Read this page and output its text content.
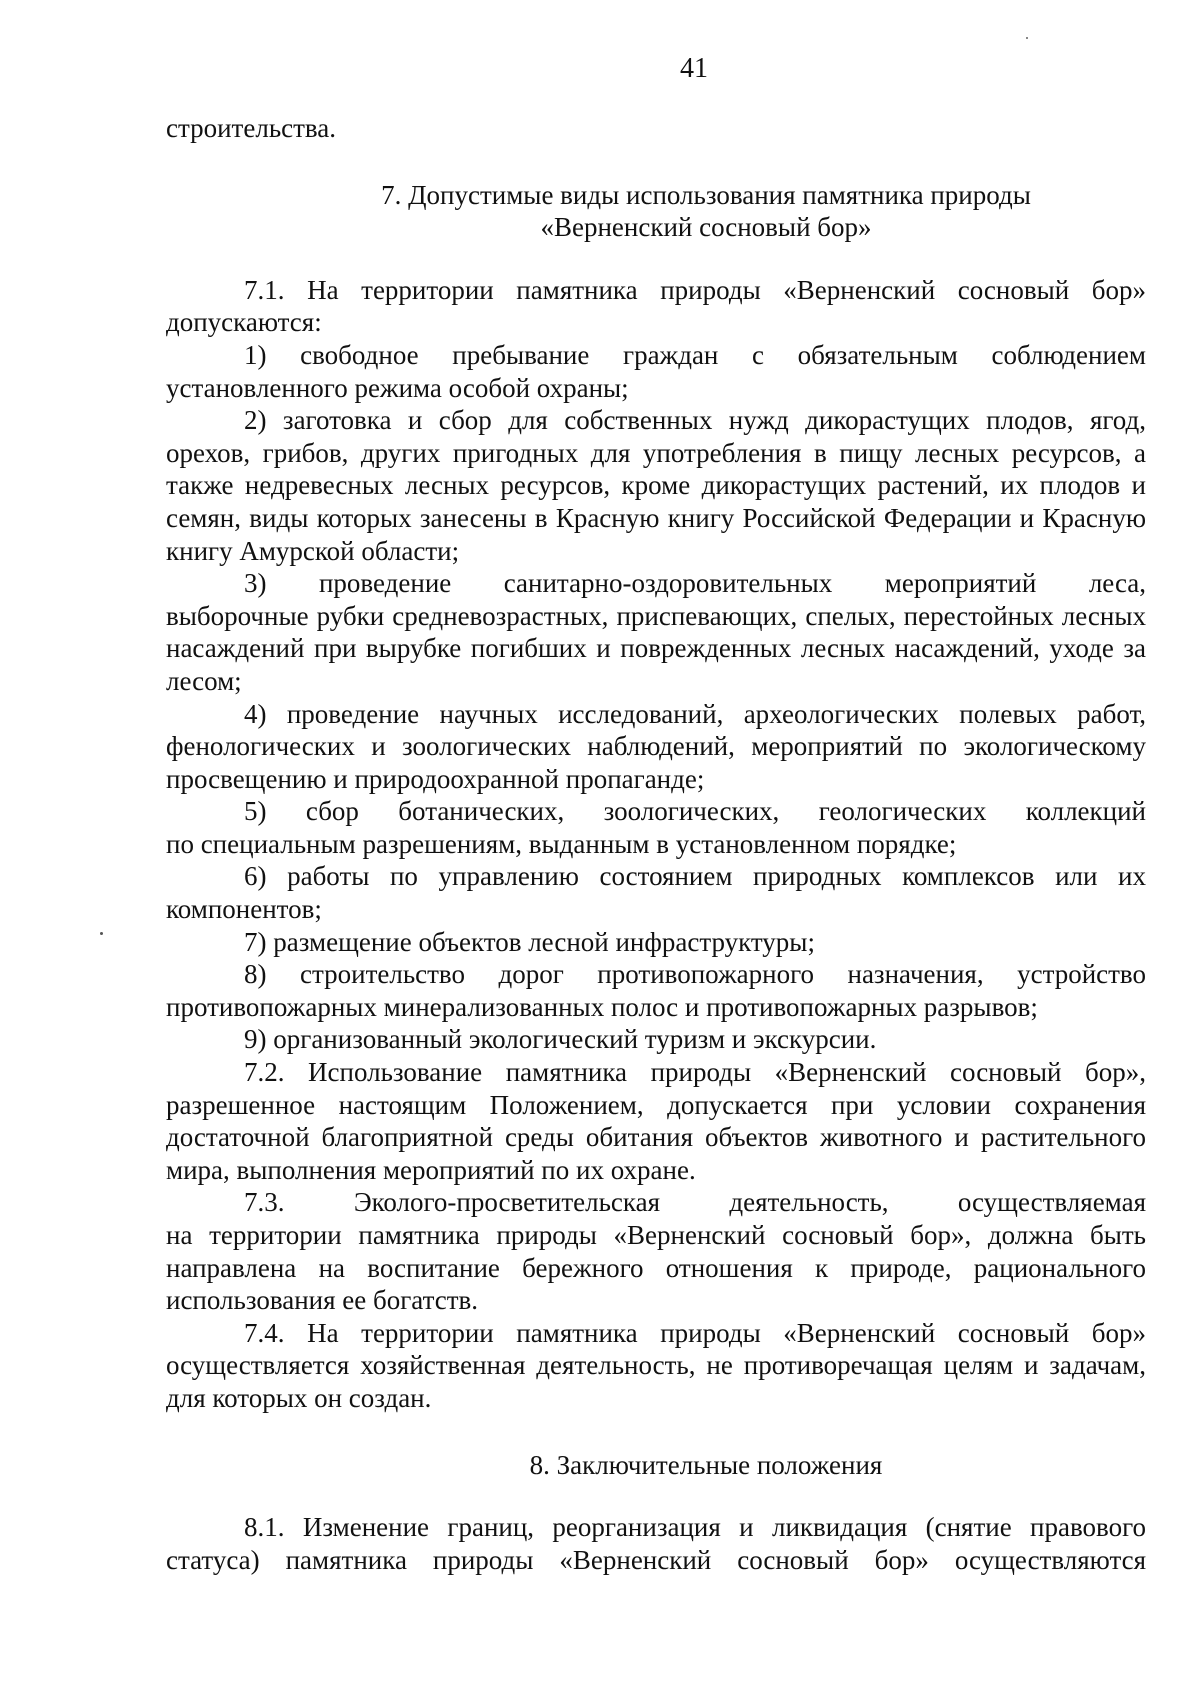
41

строительства.

7. Допустимые виды использования памятника природы
«Верненский сосновый бор»

7.1. На территории памятника природы «Верненский сосновый бор»

допускаются:

1) свободное пребывание граждан с обязательным соблюдением

установленного режима особой охраны;

2) заготовка и сбор для собственных нужд дикорастущих плодов, ягод,

орехов, грибов, других пригодных для употребления в пищу лесных ресурсов, а также недревесных лесных ресурсов, кроме дикорастущих растений, их плодов и семян, виды которых занесены в Красную книгу Российской Федерации и Красную книгу Амурской области;

3) проведение санитарно-оздоровительных мероприятий леса,

выборочные рубки средневозрастных, приспевающих, спелых, перестойных лесных насаждений при вырубке погибших и поврежденных лесных насаждений, уходе за лесом;

4) проведение научных исследований, археологических полевых работ,

фенологических и зоологических наблюдений, мероприятий по экологическому просвещению и природоохранной пропаганде;

5) сбор ботанических, зоологических, геологических коллекций

по специальным разрешениям, выданным в установленном порядке;

6) работы по управлению состоянием природных комплексов или их

компонентов;

7) размещение объектов лесной инфраструктуры;

8) строительство дорог противопожарного назначения, устройство

противопожарных минерализованных полос и противопожарных разрывов;

9) организованный экологический туризм и экскурсии.

7.2. Использование памятника природы «Верненский сосновый бор»,

разрешенное настоящим Положением, допускается при условии сохранения достаточной благоприятной среды обитания объектов животного и растительного мира, выполнения мероприятий по их охране.

7.3. Эколого-просветительская деятельность, осуществляемая

на территории памятника природы «Верненский сосновый бор», должна быть направлена на воспитание бережного отношения к природе, рационального использования ее богатств.

7.4. На территории памятника природы «Верненский сосновый бор»

осуществляется хозяйственная деятельность, не противоречащая целям и задачам, для которых он создан.

8. Заключительные положения

8.1. Изменение границ, реорганизация и ликвидация (снятие правового

статуса) памятника природы «Верненский сосновый бор» осуществляются
